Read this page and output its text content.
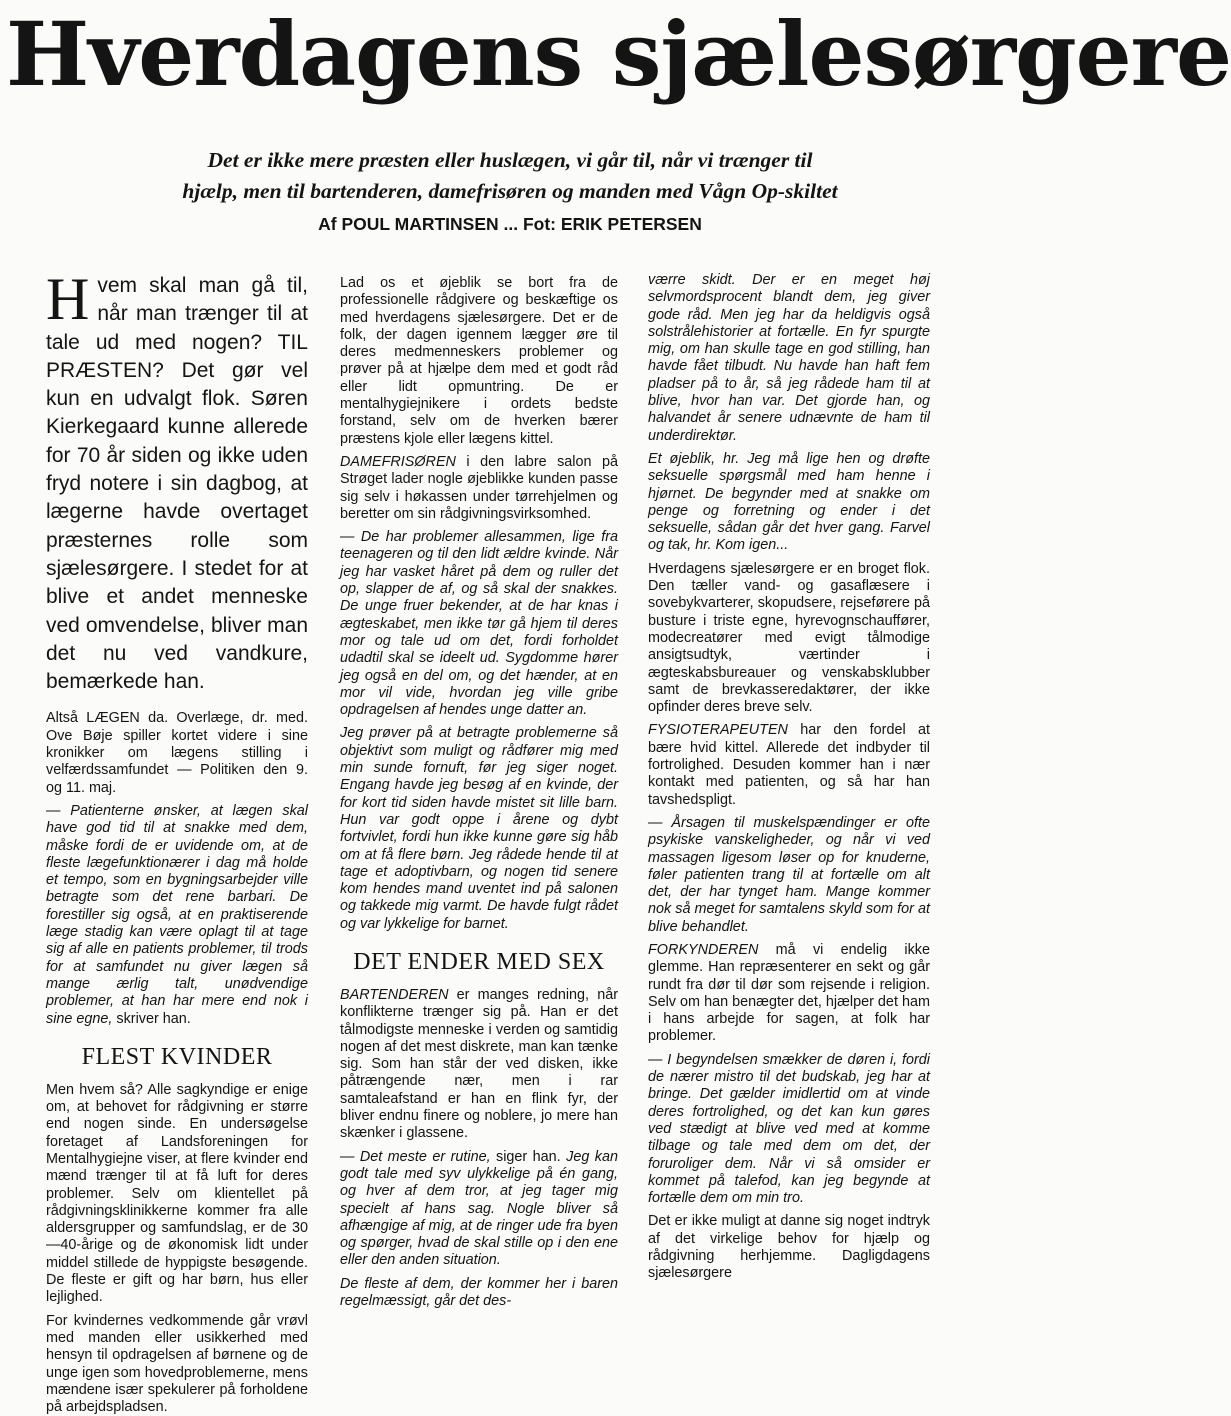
Hverdagens sjælesørgere

Det er ikke mere præsten eller huslægen, vi går til, når vi trænger til

hjælp, men til bartenderen, damefrisøren og manden med Vågn Op-skiltet

Af POUL MARTINSEN ... Fot: ERIK PETERSEN

Hvem skal man gå til, når man trænger til at tale ud med nogen? TIL PRÆSTEN? Det gør vel kun en udvalgt flok. Søren Kierkegaard kunne allerede for 70 år siden og ikke uden fryd notere i sin dagbog, at lægerne havde overtaget præsternes rolle som sjælesørgere. I stedet for at blive et andet menneske ved omvendelse, bliver man det nu ved vandkure, bemærkede han.

Altså LÆGEN da. Overlæge, dr. med. Ove Bøje spiller kortet videre i sine kronikker om lægens stilling i velfærdssamfundet — Politiken den 9. og 11. maj.

— Patienterne ønsker, at lægen skal have god tid til at snakke med dem, måske fordi de er uvidende om, at de fleste lægefunktionærer i dag må holde et tempo, som en bygningsarbejder ville betragte som det rene barbari. De forestiller sig også, at en praktiserende læge stadig kan være oplagt til at tage sig af alle en patients problemer, til trods for at samfundet nu giver lægen så mange ærlig talt, unødvendige problemer, at han har mere end nok i sine egne, skriver han.

FLEST KVINDER

Men hvem så? Alle sagkyndige er enige om, at behovet for rådgivning er større end nogen sinde. En undersøgelse foretaget af Landsforeningen for Mentalhygiejne viser, at flere kvinder end mænd trænger til at få luft for deres problemer. Selv om klientellet på rådgivningsklinikkerne kommer fra alle aldersgrupper og samfundslag, er de 30—40-årige og de økonomisk lidt under middel stillede de hyppigste besøgende. De fleste er gift og har børn, hus eller lejlighed.

For kvindernes vedkommende går vrøvl med manden eller usikkerhed med hensyn til opdragelsen af børnene og de unge igen som hovedproblemerne, mens mændene især spekulerer på forholdene på arbejdspladsen.

Lad os et øjeblik se bort fra de professionelle rådgivere og beskæftige os med hverdagens sjælesørgere. Det er de folk, der dagen igennem lægger øre til deres medmenneskers problemer og prøver på at hjælpe dem med et godt råd eller lidt opmuntring. De er mentalhygiejnikere i ordets bedste forstand, selv om de hverken bærer præstens kjole eller lægens kittel.

DAMEFRISØREN i den labre salon på Strøget lader nogle øjeblikke kunden passe sig selv i høkassen under tørrehjelmen og beretter om sin rådgivningsvirksomhed.

— De har problemer allesammen, lige fra teenageren og til den lidt ældre kvinde. Når jeg har vasket håret på dem og ruller det op, slapper de af, og så skal der snakkes. De unge fruer bekender, at de har knas i ægteskabet, men ikke tør gå hjem til deres mor og tale ud om det, fordi forholdet udadtil skal se ideelt ud. Sygdomme hører jeg også en del om, og det hænder, at en mor vil vide, hvordan jeg ville gribe opdragelsen af hendes unge datter an.

Jeg prøver på at betragte problemerne så objektivt som muligt og rådfører mig med min sunde fornuft, før jeg siger noget. Engang havde jeg besøg af en kvinde, der for kort tid siden havde mistet sit lille barn. Hun var godt oppe i årene og dybt fortvivlet, fordi hun ikke kunne gøre sig håb om at få flere børn. Jeg rådede hende til at tage et adoptivbarn, og nogen tid senere kom hendes mand uventet ind på salonen og takkede mig varmt. De havde fulgt rådet og var lykkelige for barnet.

DET ENDER MED SEX

BARTENDEREN er manges redning, når konflikterne trænger sig på. Han er det tålmodigste menneske i verden og samtidig nogen af det mest diskrete, man kan tænke sig. Som han står der ved disken, ikke påtrængende nær, men i rar samtaleafstand er han en flink fyr, der bliver endnu finere og noblere, jo mere han skænker i glassene.

— Det meste er rutine, siger han. Jeg kan godt tale med syv ulykkelige på én gang, og hver af dem tror, at jeg tager mig specielt af hans sag. Nogle bliver så afhængige af mig, at de ringer ude fra byen og spørger, hvad de skal stille op i den ene eller den anden situation.

De fleste af dem, der kommer her i baren regelmæssigt, går det des-

værre skidt. Der er en meget høj selvmordsprocent blandt dem, jeg giver gode råd. Men jeg har da heldigvis også solstrålehistorier at fortælle. En fyr spurgte mig, om han skulle tage en god stilling, han havde fået tilbudt. Nu havde han haft fem pladser på to år, så jeg rådede ham til at blive, hvor han var. Det gjorde han, og halvandet år senere udnævnte de ham til underdirektør.

Et øjeblik, hr. Jeg må lige hen og drøfte seksuelle spørgsmål med ham henne i hjørnet. De begynder med at snakke om penge og forretning og ender i det seksuelle, sådan går det hver gang. Farvel og tak, hr. Kom igen...

Hverdagens sjælesørgere er en broget flok. Den tæller vand- og gasaflæsere i sovebykvarterer, skopudsere, rejseførere på busture i triste egne, hyrevognschauffører, modecreatører med evigt tålmodige ansigtsudtyk, værtinder i ægteskabsbureauer og venskabsklubber samt de brevkasseredaktører, der ikke opfinder deres breve selv.

FYSIOTERAPEUTEN har den fordel at bære hvid kittel. Allerede det indbyder til fortrolighed. Desuden kommer han i nær kontakt med patienten, og så har han tavshedspligt.

— Årsagen til muskelspændinger er ofte psykiske vanskeligheder, og når vi ved massagen ligesom løser op for knuderne, føler patienten trang til at fortælle om alt det, der har tynget ham. Mange kommer nok så meget for samtalens skyld som for at blive behandlet.

FORKYNDEREN må vi endelig ikke glemme. Han repræsenterer en sekt og går rundt fra dør til dør som rejsende i religion. Selv om han benægter det, hjælper det ham i hans arbejde for sagen, at folk har problemer.

— I begyndelsen smækker de døren i, fordi de nærer mistro til det budskab, jeg har at bringe. Det gælder imidlertid om at vinde deres fortrolighed, og det kan kun gøres ved stædigt at blive ved med at komme tilbage og tale med dem om det, der foruroliger dem. Når vi så omsider er kommet på talefod, kan jeg begynde at fortælle dem om min tro.

Det er ikke muligt at danne sig noget indtryk af det virkelige behov for hjælp og rådgivning herhjemme. Dagligdagens sjælesørgere
